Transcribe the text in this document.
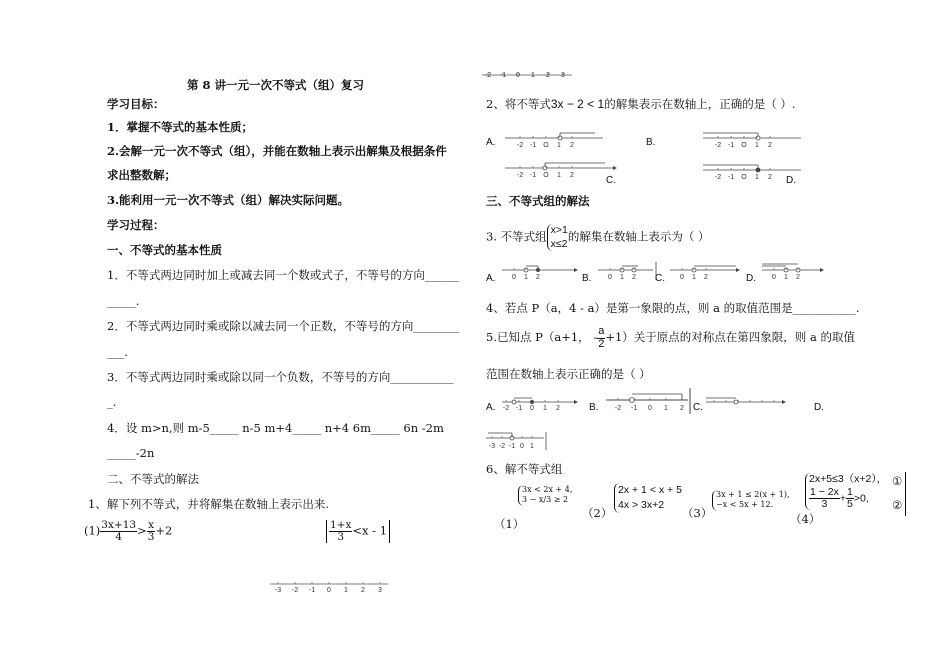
第 8 讲一元一次不等式（组）复习
学习目标：
1．掌握不等式的基本性质；
2.会解一元一次不等式（组），并能在数轴上表示出解集及根据条件
求出整数解；
3.能利用一元一次不等式（组）解决实际问题。
学习过程：
一、不等式的基本性质
1．不等式两边同时加上或减去同一个数或式子，不等号的方向______
_____.
2．不等式两边同时乘或除以减去同一个正数，不等号的方向________
___.
3．不等式两边同时乘或除以同一个负数，不等号的方向___________
_.
4．设 m>n,则 m-5_____ n-5 m+4_____ n+4 6m_____ 6n -2m
_____-2n
二、不等式的解法
1、解下列不等式，并将解集在数轴上表示出来.
$(1) \frac{3x+13}{4} > \frac{x}{3} +2$	$\frac{1+x}{3} <x - 1$
-3 -2 -1 0 1 2 3
-2 -1 0 1 2 3
2、将不等式3x − 2 < 1的解集表示在数轴上，正确的是（ ）.
A.	-2 -1 O 1 2	B.	-2 -1 O 1 2
-2 -1 O 1 2	C.	-2 -1 O 1 2 D.
三、不等式组的解法
3. 不等式组 x>1
x≤2的解集在数轴上表示为（ ）
A. 0 1 2	B. 0 1 2 C. 0 1 2	D. 0 1 2
4、若点 P（a，4 - a）是第一象限的点，则 a 的取值范围是___________.
5.已知点 P（a+1， - $\frac{a}{2} +1$）关于原点的对称点在第四象限，则 a 的取值
范围在数轴上表示正确的是（ ）
A. -2 -1 0 1 2	B. -2 -1 0 1 2 C.	D.
-3 -2 -1 0 1
6、解不等式组
（1）
3x < 2x + 4,
3 − x/3 ≥ 2
（2）
2x + 1 < x + 5
4x > 3x+2
（3）
3x + 1 ≤ 2(x + 1),
−x < 5x + 12.
（4）
2x+5≤3（x+2），

$\frac{1 - 2x}{3} + \frac{1}{5} >0$,
①
②
